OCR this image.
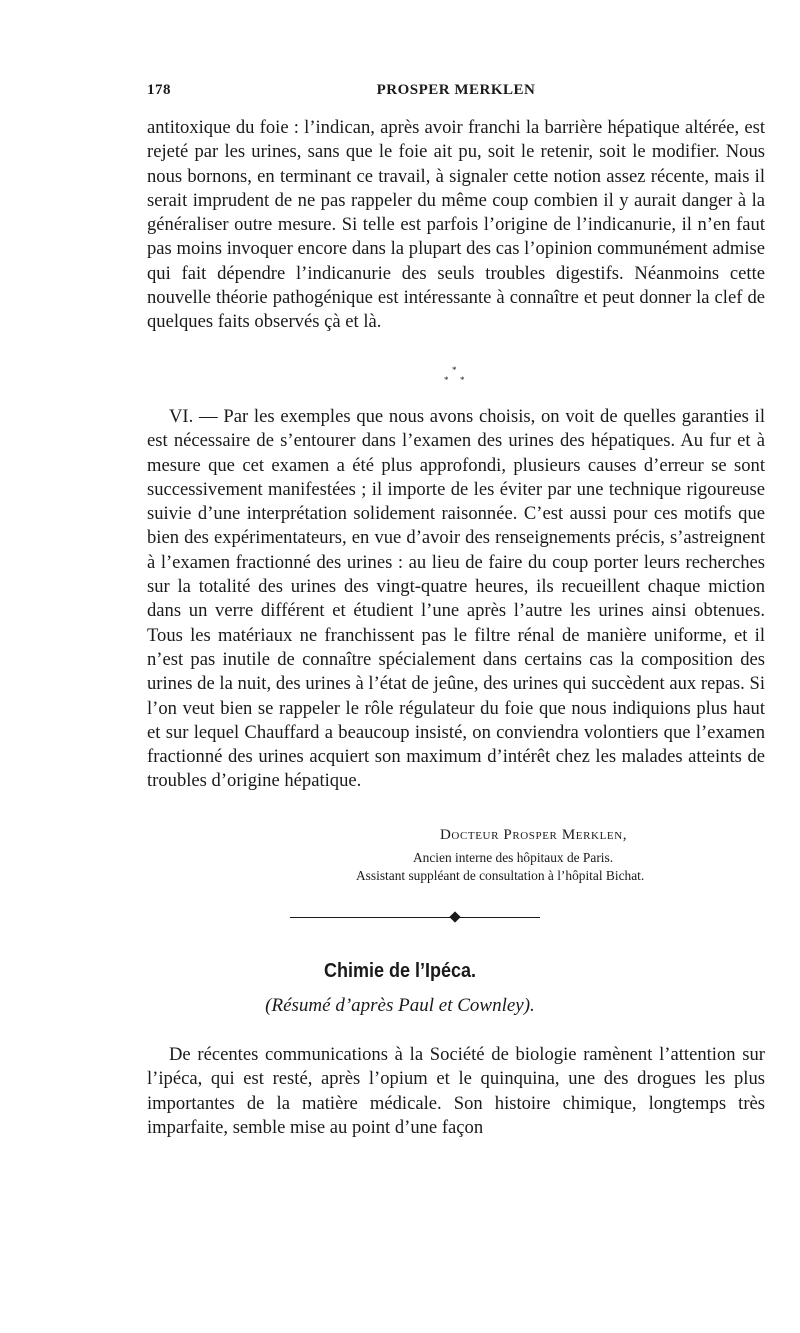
178	PROSPER MERKLEN
antitoxique du foie : l’indican, après avoir franchi la barrière hépatique altérée, est rejeté par les urines, sans que le foie ait pu, soit le retenir, soit le modifier. Nous nous bornons, en terminant ce travail, à signaler cette notion assez récente, mais il serait imprudent de ne pas rappeler du même coup combien il y aurait danger à la généraliser outre mesure. Si telle est parfois l’origine de l’indicanurie, il n’en faut pas moins invoquer encore dans la plupart des cas l’opinion communément admise qui fait dépendre l’indicanurie des seuls troubles digestifs. Néanmoins cette nouvelle théorie pathogénique est intéressante à connaître et peut donner la clef de quelques faits observés çà et là.
*
* *
VI. — Par les exemples que nous avons choisis, on voit de quelles garanties il est nécessaire de s’entourer dans l’examen des urines des hépatiques. Au fur et à mesure que cet examen a été plus approfondi, plusieurs causes d’erreur se sont successivement manifestées ; il importe de les éviter par une technique rigoureuse suivie d’une interprétation solidement raisonnée. C’est aussi pour ces motifs que bien des expérimentateurs, en vue d’avoir des renseignements précis, s’astreignent à l’examen fractionné des urines : au lieu de faire du coup porter leurs recherches sur la totalité des urines des vingt-quatre heures, ils recueillent chaque miction dans un verre différent et étudient l’une après l’autre les urines ainsi obtenues. Tous les matériaux ne franchissent pas le filtre rénal de manière uniforme, et il n’est pas inutile de connaître spécialement dans certains cas la composition des urines de la nuit, des urines à l’état de jeûne, des urines qui succèdent aux repas. Si l’on veut bien se rappeler le rôle régulateur du foie que nous indiquions plus haut et sur lequel Chauffard a beaucoup insisté, on conviendra volontiers que l’examen fractionné des urines acquiert son maximum d’intérêt chez les malades atteints de troubles d’origine hépatique.
Docteur Prosper Merklen,
Ancien interne des hôpitaux de Paris.
Assistant suppléant de consultation à l’hôpital Bichat.
Chimie de l’Ipéca.
(Résumé d’après Paul et Cownley).
De récentes communications à la Société de biologie ramènent l’attention sur l’ipéca, qui est resté, après l’opium et le quinquina, une des drogues les plus importantes de la matière médicale. Son histoire chimique, longtemps très imparfaite, semble mise au point d’une façon
